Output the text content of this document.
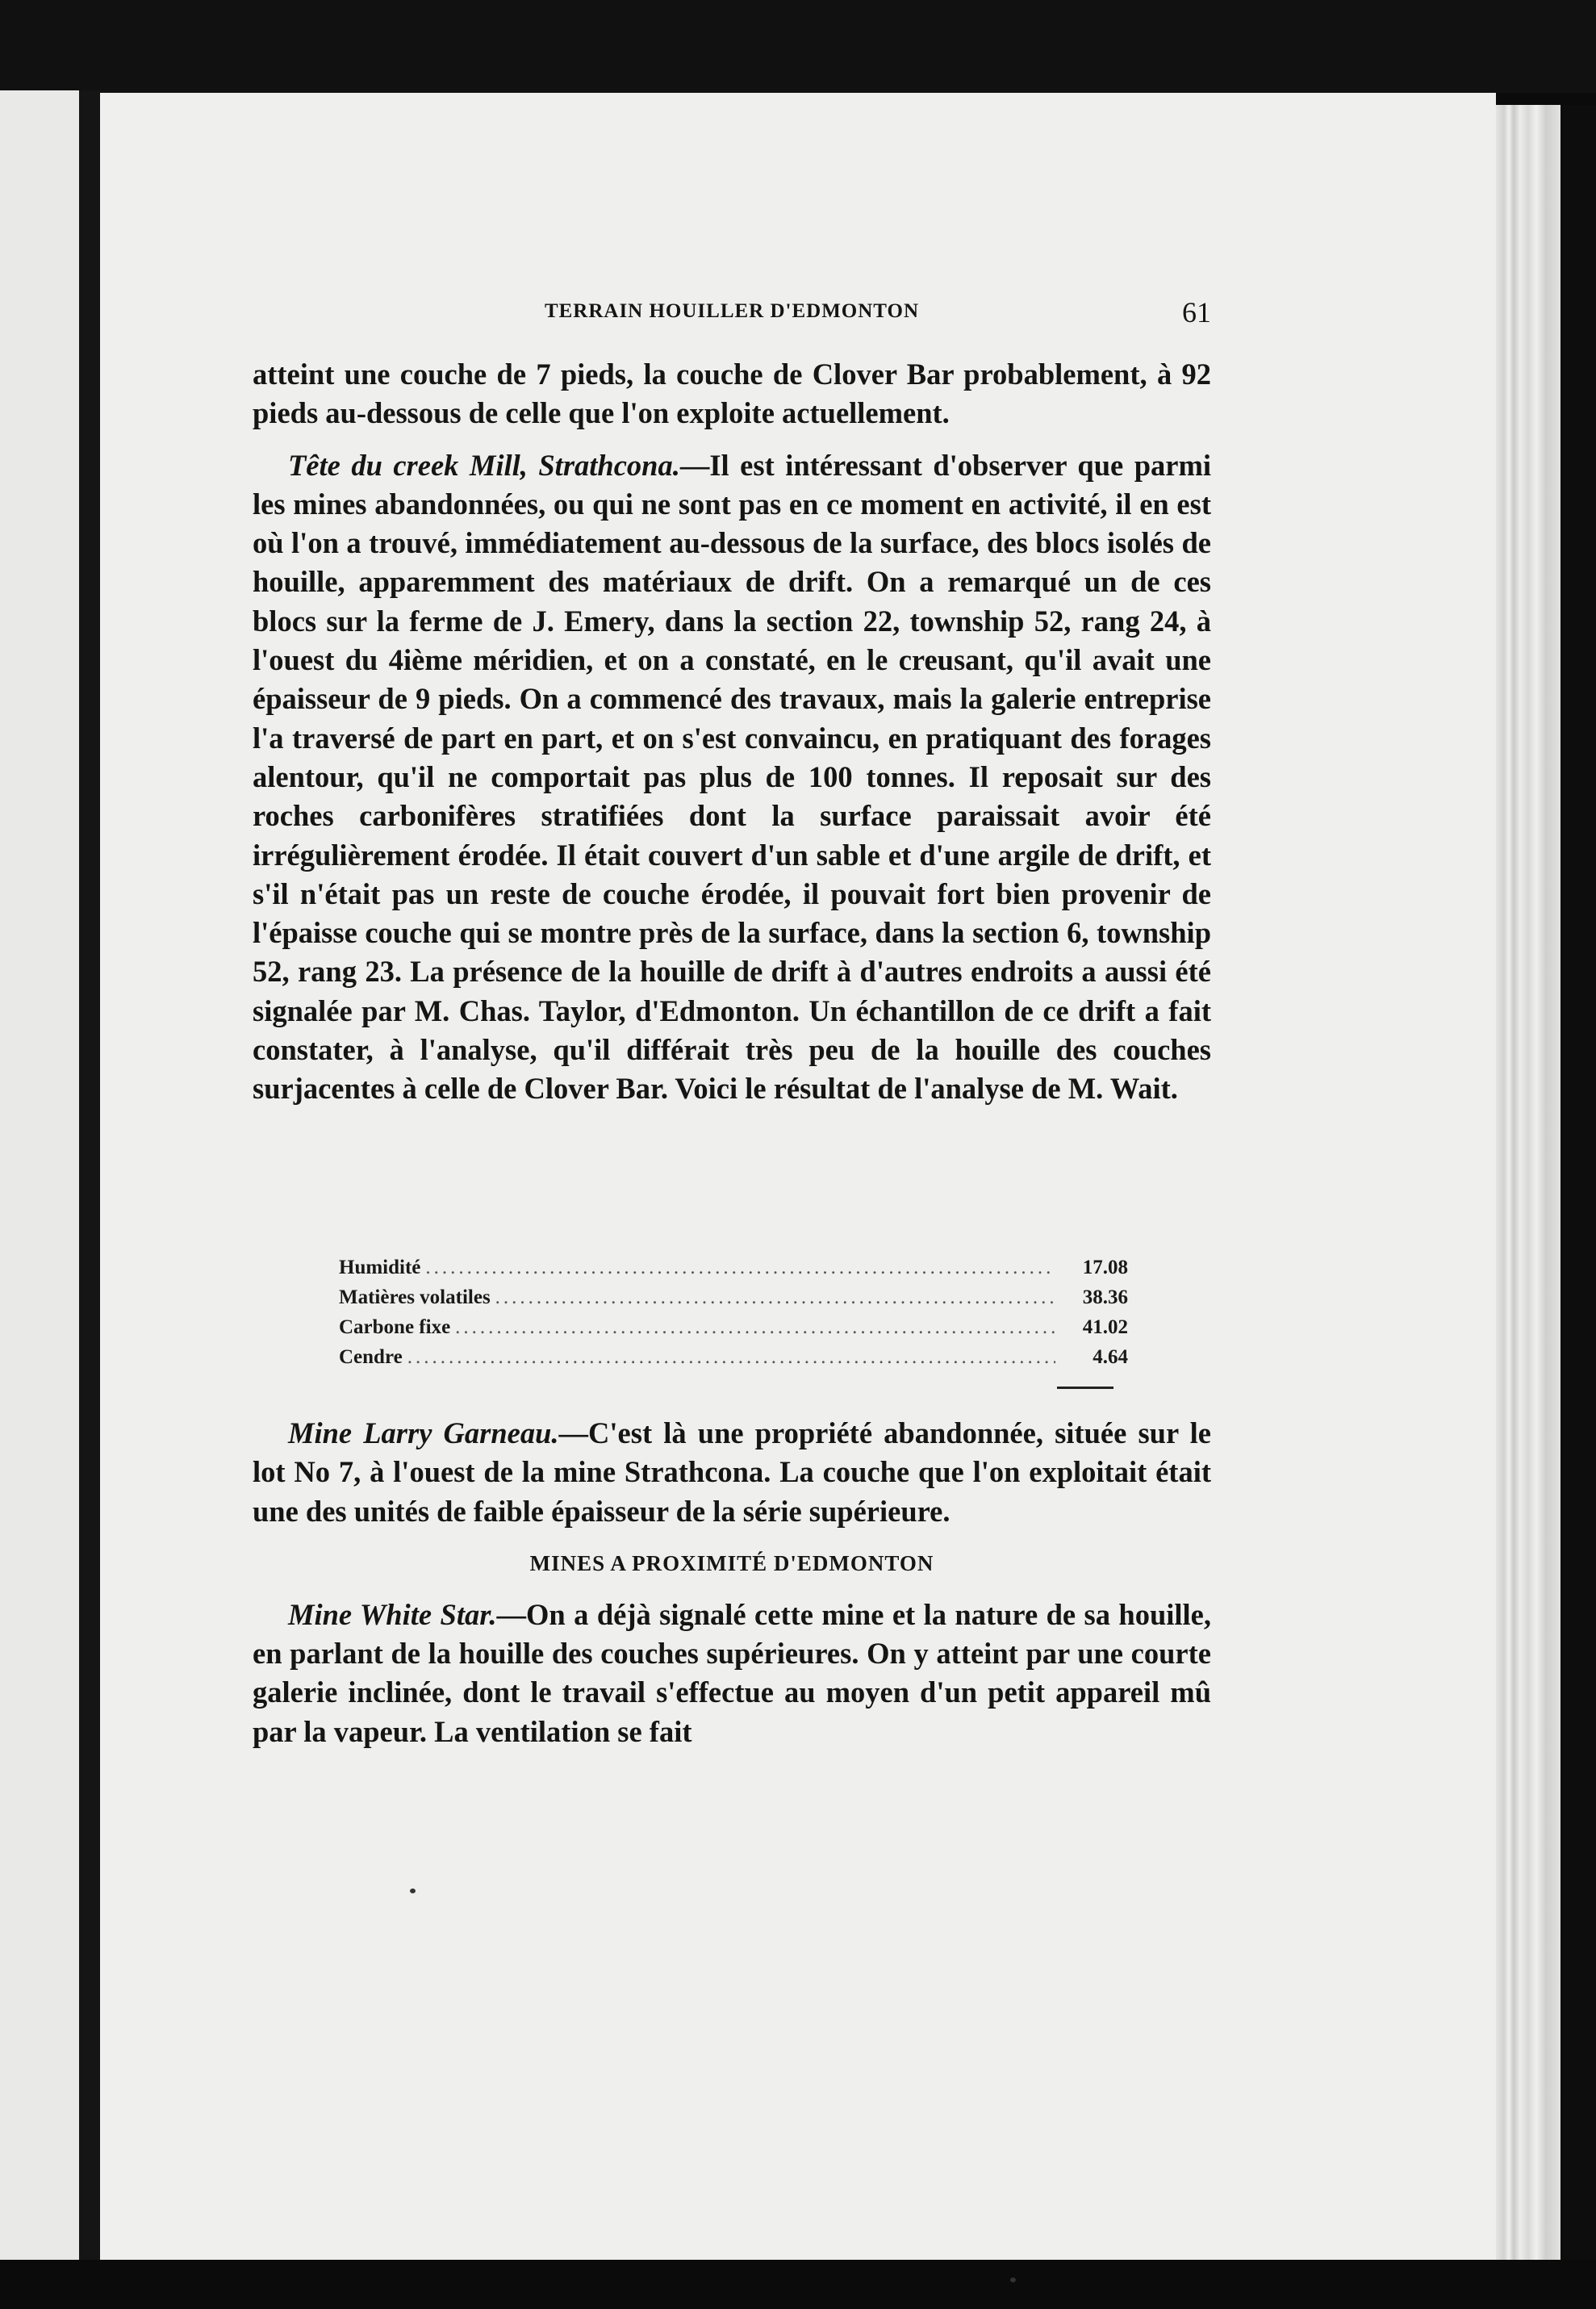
TERRAIN HOUILLER D'EDMONTON	61

atteint une couche de 7 pieds, la couche de Clover Bar probablement, à 92 pieds au-dessous de celle que l'on exploite actuellement.

Tête du creek Mill, Strathcona.—Il est intéressant d'observer que parmi les mines abandonnées, ou qui ne sont pas en ce moment en activité, il en est où l'on a trouvé, immédiatement au-dessous de la surface, des blocs isolés de houille, apparemment des matériaux de drift. On a remarqué un de ces blocs sur la ferme de J. Emery, dans la section 22, township 52, rang 24, à l'ouest du 4ième méridien, et on a constaté, en le creusant, qu'il avait une épaisseur de 9 pieds. On a commencé des travaux, mais la galerie entreprise l'a traversé de part en part, et on s'est convaincu, en pratiquant des forages alentour, qu'il ne comportait pas plus de 100 tonnes. Il reposait sur des roches carbonifères stratifiées dont la surface paraissait avoir été irrégulièrement érodée. Il était couvert d'un sable et d'une argile de drift, et s'il n'était pas un reste de couche érodée, il pouvait fort bien provenir de l'épaisse couche qui se montre près de la surface, dans la section 6, township 52, rang 23. La présence de la houille de drift à d'autres endroits a aussi été signalée par M. Chas. Taylor, d'Edmonton. Un échantillon de ce drift a fait constater, à l'analyse, qu'il différait très peu de la houille des couches surjacentes à celle de Clover Bar. Voici le résultat de l'analyse de M. Wait.

Humidité .....	17.08
Matières volatiles .....	38.36
Carbone fixe .....	41.02
Cendre .....	4.64

Mine Larry Garneau.—C'est là une propriété abandonnée, située sur le lot No 7, à l'ouest de la mine Strathcona. La couche que l'on exploitait était une des unités de faible épaisseur de la série supérieure.

MINES A PROXIMITÉ D'EDMONTON

Mine White Star.—On a déjà signalé cette mine et la nature de sa houille, en parlant de la houille des couches supérieures. On y atteint par une courte galerie inclinée, dont le travail s'effectue au moyen d'un petit appareil mû par la vapeur. La ventilation se fait
